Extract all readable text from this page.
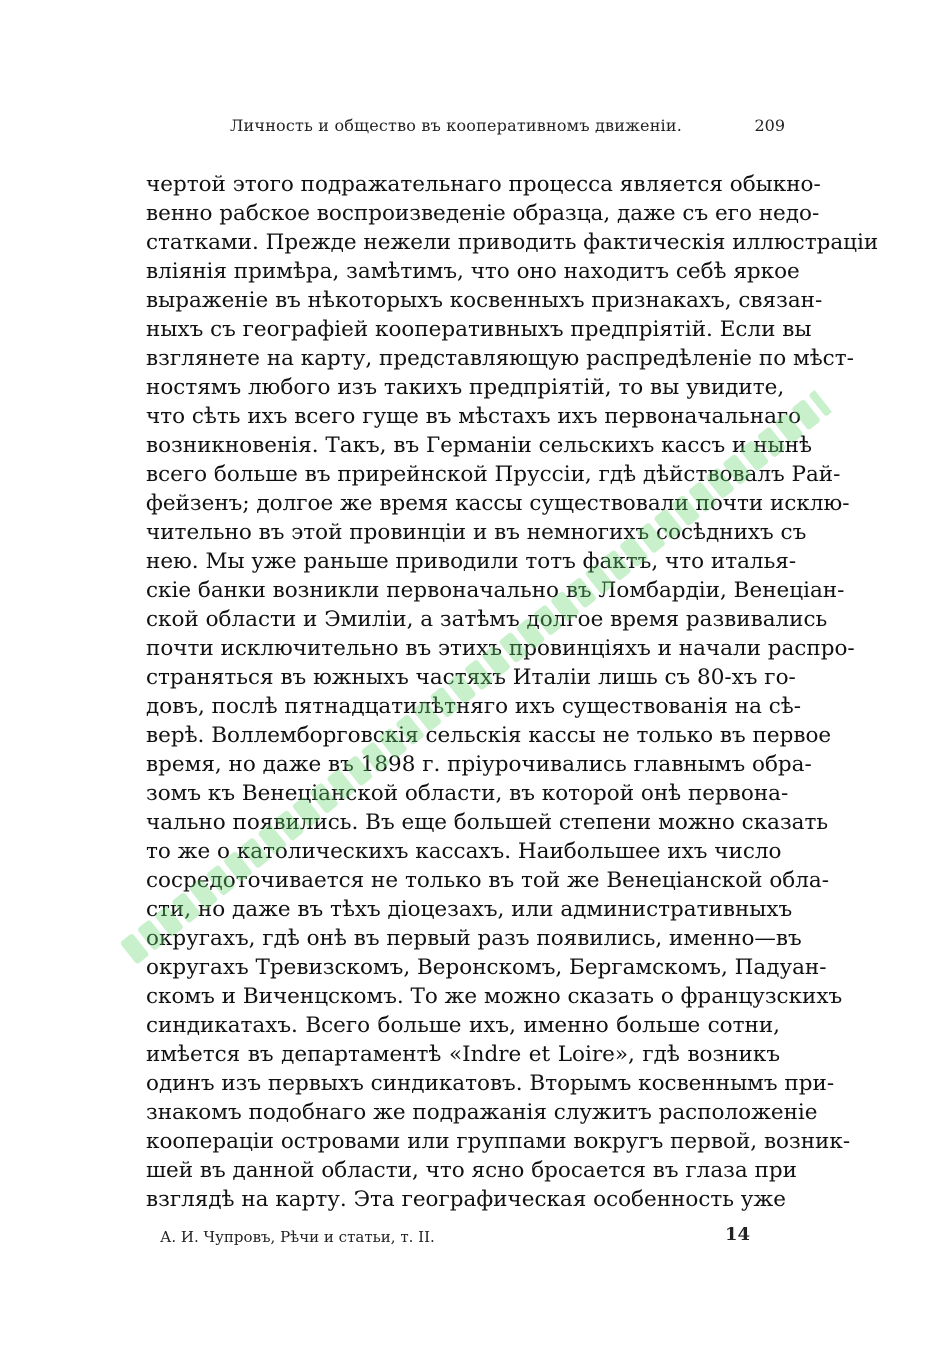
Личность и общество въ кооперативномъ движеніи.	209
чертой этого подражательнаго процесса является обыкно-
венно рабское воспроизведеніе образца, даже съ его недо-
статками. Прежде нежели приводить фактическія иллюстраціи
вліянія примѣра, замѣтимъ, что оно находитъ себѣ яркое
выраженіе въ нѣкоторыхъ косвенныхъ признакахъ, связан-
ныхъ съ географіей кооперативныхъ предпріятій. Если вы
взглянете на карту, представляющую распредѣленіе по мѣст-
ностямъ любого изъ такихъ предпріятій, то вы увидите,
что сѣть ихъ всего гуще въ мѣстахъ ихъ первоначальнаго
возникновенія. Такъ, въ Германіи сельскихъ кассъ и нынѣ
всего больше въ прирейнской Пруссіи, гдѣ дѣйствовалъ Рай-
фейзенъ; долгое же время кассы существовали почти исклю-
чительно въ этой провинціи и въ немногихъ сосѣднихъ съ
нею. Мы уже раньше приводили тотъ фактъ, что италья-
скіе банки возникли первоначально въ Ломбардіи, Венеціан-
ской области и Эмиліи, а затѣмъ долгое время развивались
почти исключительно въ этихъ провинціяхъ и начали распро-
страняться въ южныхъ частяхъ Италіи лишь съ 80-хъ го-
довъ, послѣ пятнадцатилѣтняго ихъ существованія на сѣ-
верѣ. Воллемборговскія сельскія кассы не только въ первое
время, но даже въ 1898 г. пріурочивались главнымъ обра-
зомъ къ Венеціанской области, въ которой онѣ первона-
чально появились. Въ еще большей степени можно сказать
то же о католическихъ кассахъ. Наибольшее ихъ число
сосредоточивается не только въ той же Венеціанской обла-
сти, но даже въ тѣхъ діоцезахъ, или административныхъ
округахъ, гдѣ онѣ въ первый разъ появились, именно—въ
округахъ Тревизскомъ, Веронскомъ, Бергамскомъ, Падуан-
скомъ и Виченцскомъ. То же можно сказать о французскихъ
синдикатахъ. Всего больше ихъ, именно больше сотни,
имѣется въ департаментѣ «Indre et Loire», гдѣ возникъ
одинъ изъ первыхъ синдикатовъ. Вторымъ косвеннымъ при-
знакомъ подобнаго же подражанія служитъ расположеніе
коопераціи островами или группами вокругъ первой, возник-
шей въ данной области, что ясно бросается въ глаза при
взглядѣ на карту. Эта географическая особенность уже
А. И. Чупровъ, Рѣчи и статьи, т. II.	14
